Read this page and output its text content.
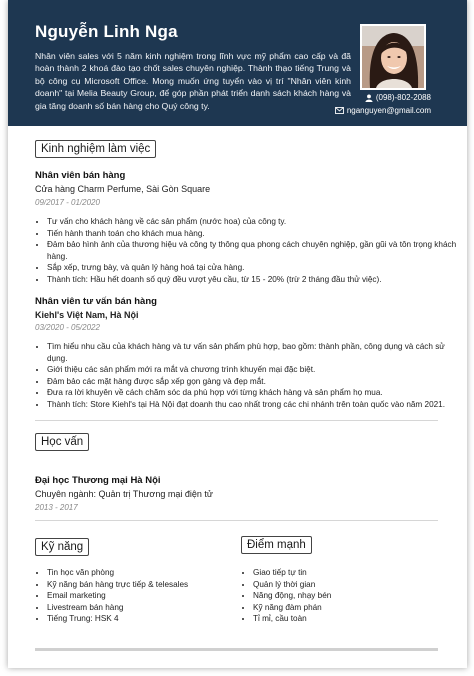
Nguyễn Linh Nga
Nhân viên sales với 5 năm kinh nghiệm trong lĩnh vực mỹ phẩm cao cấp và đã hoàn thành 2 khoá đào tạo chốt sales chuyên nghiệp. Thành thạo tiếng Trung và bộ công cụ Microsoft Office. Mong muốn ứng tuyển vào vị trí "Nhân viên kinh doanh" tại Melia Beauty Group, để góp phần phát triển danh sách khách hàng và gia tăng doanh số bán hàng cho Quý công ty.
(098)-802-2088
nganguyen@gmail.com
Kinh nghiệm làm việc
Nhân viên bán hàng
Cửa hàng Charm Perfume, Sài Gòn Square
09/2017 - 01/2020
• Tư vấn cho khách hàng về các sản phẩm (nước hoa) của công ty.
• Tiến hành thanh toán cho khách mua hàng.
• Đảm bảo hình ảnh của thương hiệu và công ty thông qua phong cách chuyên nghiệp, gần gũi và tôn trọng khách hàng.
• Sắp xếp, trưng bày, và quản lý hàng hoá tại cửa hàng.
• Thành tích: Hầu hết doanh số quý đều vượt yêu cầu, từ 15 - 20% (trừ 2 tháng đầu thử việc).
Nhân viên tư vấn bán hàng
Kiehl's Việt Nam, Hà Nội
03/2020 - 05/2022
• Tìm hiểu nhu cầu của khách hàng và tư vấn sản phẩm phù hợp, bao gồm: thành phần, công dụng và cách sử dụng.
• Giới thiệu các sản phẩm mới ra mắt và chương trình khuyến mại đặc biệt.
• Đảm bảo các mặt hàng được sắp xếp gọn gàng và đẹp mắt.
• Đưa ra lời khuyên về cách chăm sóc da phù hợp với từng khách hàng và sản phẩm họ mua.
• Thành tích: Store Kiehl's tại Hà Nội đạt doanh thu cao nhất trong các chi nhánh trên toàn quốc vào năm 2021.
Học vấn
Đại học Thương mại Hà Nội
Chuyên ngành: Quản trị Thương mại điện tử
2013 - 2017
Kỹ năng
• Tin học văn phòng
• Kỹ năng bán hàng trực tiếp & telesales
• Email marketing
• Livestream bán hàng
• Tiếng Trung: HSK 4
Điểm mạnh
• Giao tiếp tự tin
• Quản lý thời gian
• Năng động, nhạy bén
• Kỹ năng đàm phán
• Tỉ mỉ, cầu toàn
